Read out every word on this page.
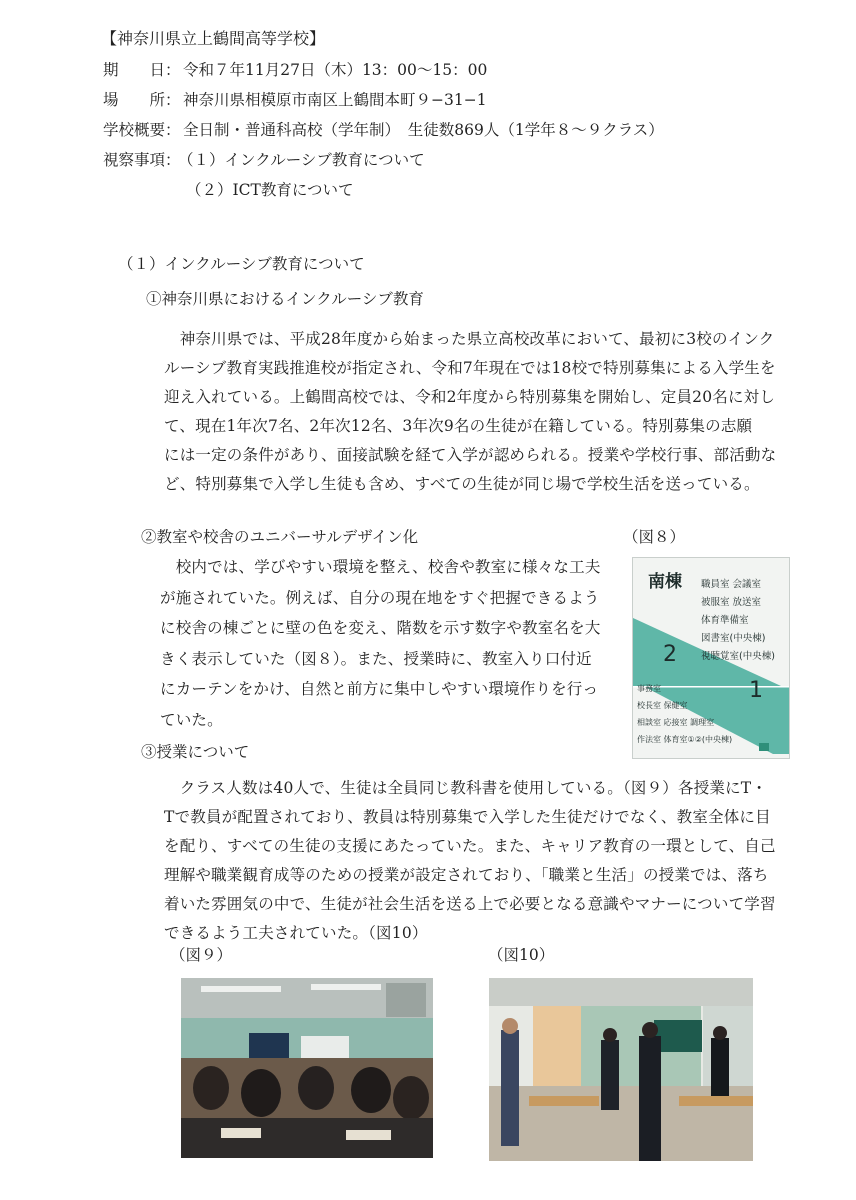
【神奈川県立上鶴間高等学校】
期　　日： 令和７年11月27日（木）13：00〜15：00
場　　所： 神奈川県相模原市南区上鶴間本町９−31−1
学校概要： 全日制・普通科高校（学年制）　生徒数869人（1学年８〜９クラス）
視察事項：
（１）インクルーシブ教育について
（２）ICT教育について
（１）インクルーシブ教育について
①神奈川県におけるインクルーシブ教育
　神奈川県では、平成28年度から始まった県立高校改革において、最初に3校のインク
ルーシブ教育実践推進校が指定され、令和7年現在では18校で特別募集による入学生を
迎え入れている。上鶴間高校では、令和2年度から特別募集を開始し、定員20名に対し
て、現在1年次7名、2年次12名、3年次9名の生徒が在籍している。特別募集の志願
には一定の条件があり、面接試験を経て入学が認められる。授業や学校行事、部活動な
ど、特別募集で入学し生徒も含め、すべての生徒が同じ場で学校生活を送っている。
②教室や校舎のユニバーサルデザイン化	（図８）
　校内では、学びやすい環境を整え、校舎や教室に様々な工夫
が施されていた。例えば、自分の現在地をすぐ把握できるよう
に校舎の棟ごとに壁の色を変え、階数を示す数字や教室名を大
きく表示していた（図８）。また、授業時に、教室入り口付近
にカーテンをかけ、自然と前方に集中しやすい環境作りを行っ
ていた。
南棟 職員室 会議室
被服室 放送室
体育準備室
図書室(中央棟)
視聴覚室(中央棟)
2
1
事務室
校長室 保健室
相談室 応接室 調理室
作法室 体育室①②(中央棟)
③授業について
　クラス人数は40人で、生徒は全員同じ教科書を使用している。（図９）各授業にT・
Tで教員が配置されており、教員は特別募集で入学した生徒だけでなく、教室全体に目
を配り、すべての生徒の支援にあたっていた。また、キャリア教育の一環として、自己
理解や職業観育成等のための授業が設定されており、「職業と生活」の授業では、落ち
着いた雰囲気の中で、生徒が社会生活を送る上で必要となる意識やマナーについて学習
できるよう工夫されていた。（図10）
（図９）	（図10）
